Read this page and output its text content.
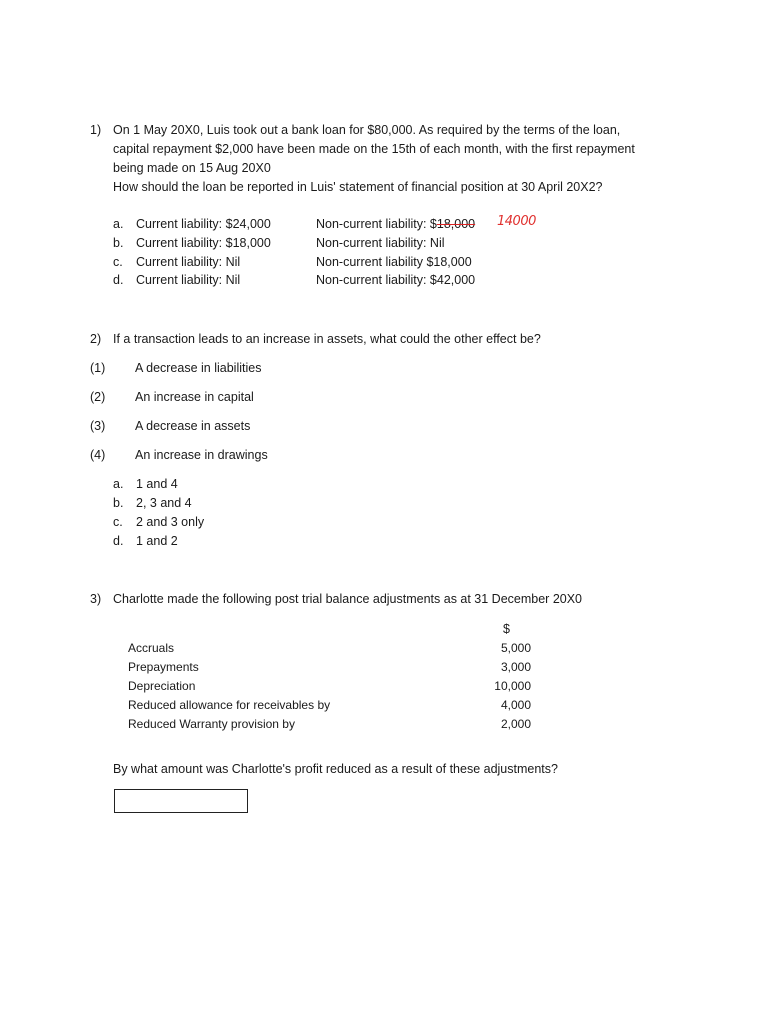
1) On 1 May 20X0, Luis took out a bank loan for $80,000. As required by the terms of the loan,
capital repayment $2,000 have been made on the 15th of each month, with the first repayment
being made on 15 Aug 20X0
How should the loan be reported in Luis' statement of financial position at 30 April 20X2?
a. Current liability: $24,000	Non-current liability: $18,000 14000
b. Current liability: $18,000	Non-current liability: Nil
c. Current liability: Nil	Non-current liability $18,000
d. Current liability: Nil	Non-current liability: $42,000
2) If a transaction leads to an increase in assets, what could the other effect be?
(1) A decrease in liabilities
(2) An increase in capital
(3) A decrease in assets
(4) An increase in drawings
a. 1 and 4
b. 2, 3 and 4
c. 2 and 3 only
d. 1 and 2
3) Charlotte made the following post trial balance adjustments as at 31 December 20X0
$
Accruals	5,000
Prepayments	3,000
Depreciation	10,000
Reduced allowance for receivables by	4,000
Reduced Warranty provision by	2,000
By what amount was Charlotte's profit reduced as a result of these adjustments?
